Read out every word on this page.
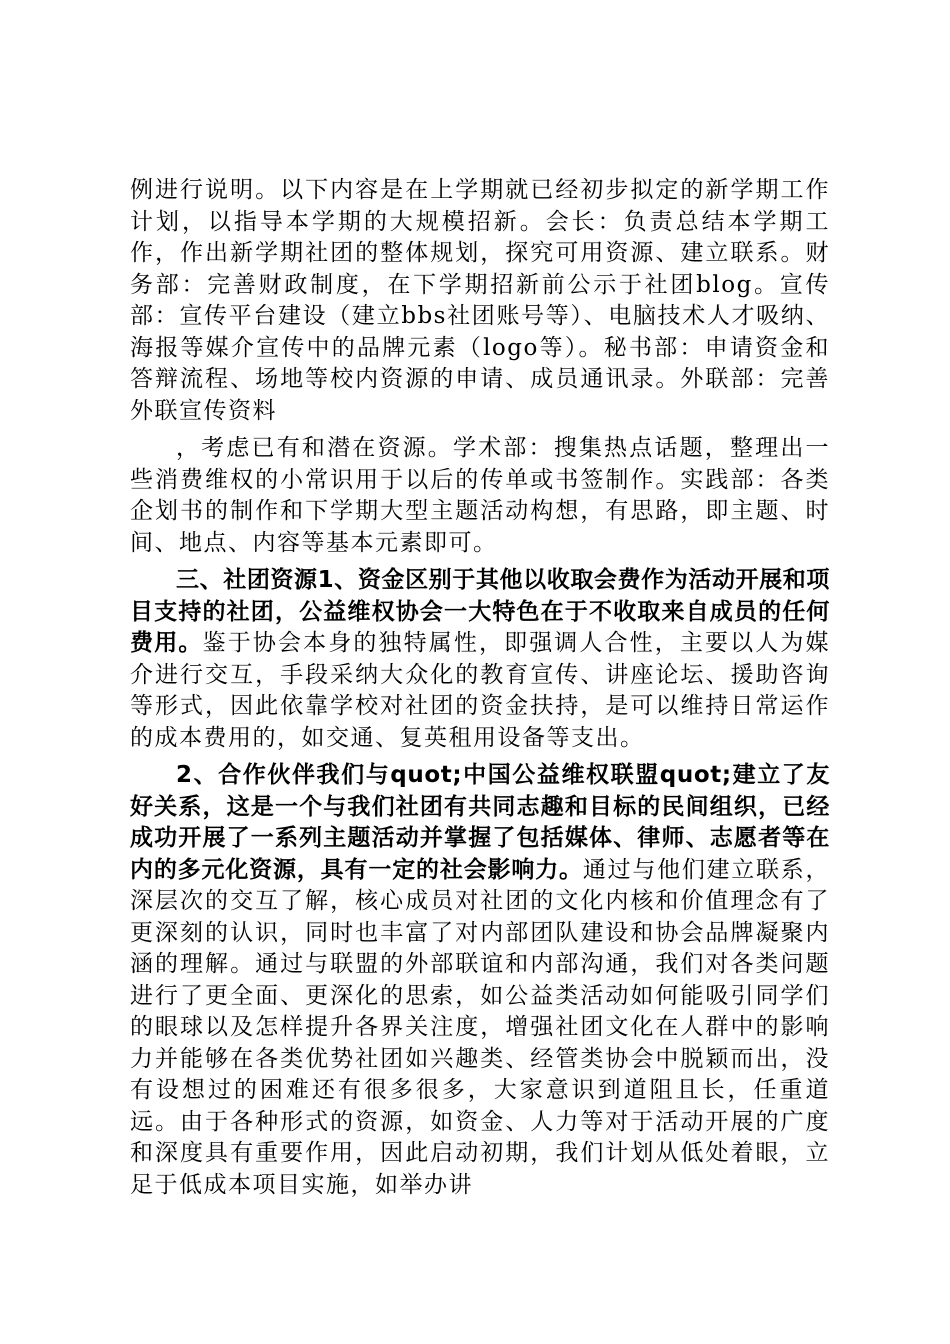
例进行说明。以下内容是在上学期就已经初步拟定的新学期工作计划，以指导本学期的大规模招新。会长：负责总结本学期工作，作出新学期社团的整体规划，探究可用资源、建立联系。财务部：完善财政制度，在下学期招新前公示于社团blog。宣传部：宣传平台建设（建立bbs社团账号等）、电脑技术人才吸纳、海报等媒介宣传中的品牌元素（logo等）。秘书部：申请资金和答辩流程、场地等校内资源的申请、成员通讯录。外联部：完善外联宣传资料

，考虑已有和潜在资源。学术部：搜集热点话题，整理出一些消费维权的小常识用于以后的传单或书签制作。实践部：各类企划书的制作和下学期大型主题活动构想，有思路，即主题、时间、地点、内容等基本元素即可。

三、社团资源1、资金区别于其他以收取会费作为活动开展和项目支持的社团，公益维权协会一大特色在于不收取来自成员的任何费用。鉴于协会本身的独特属性，即强调人合性，主要以人为媒介进行交互，手段采纳大众化的教育宣传、讲座论坛、援助咨询等形式，因此依靠学校对社团的资金扶持，是可以维持日常运作的成本费用的，如交通、复英租用设备等支出。

2、合作伙伴我们与quot;中国公益维权联盟quot;建立了友好关系，这是一个与我们社团有共同志趣和目标的民间组织，已经成功开展了一系列主题活动并掌握了包括媒体、律师、志愿者等在内的多元化资源，具有一定的社会影响力。通过与他们建立联系，深层次的交互了解，核心成员对社团的文化内核和价值理念有了更深刻的认识，同时也丰富了对内部团队建设和协会品牌凝聚内涵的理解。通过与联盟的外部联谊和内部沟通，我们对各类问题进行了更全面、更深化的思索，如公益类活动如何能吸引同学们的眼球以及怎样提升各界关注度，增强社团文化在人群中的影响力并能够在各类优势社团如兴趣类、经管类协会中脱颖而出，没有设想过的困难还有很多很多，大家意识到道阻且长，任重道远。由于各种形式的资源，如资金、人力等对于活动开展的广度和深度具有重要作用，因此启动初期，我们计划从低处着眼，立足于低成本项目实施，如举办讲
